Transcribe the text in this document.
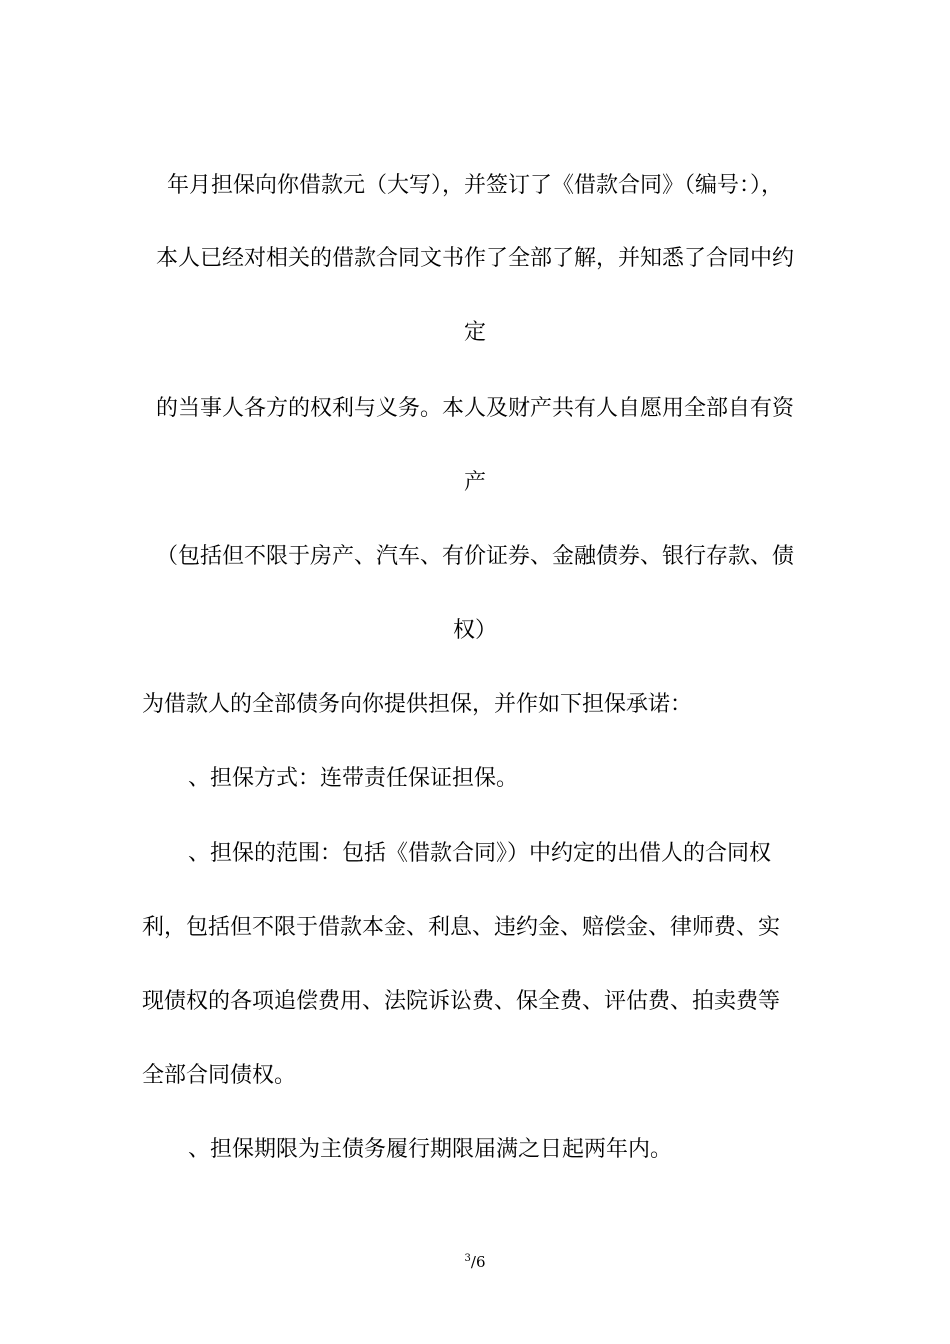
年月担保向你借款元（大写），并签订了《借款合同》（编号：），

本人已经对相关的借款合同文书作了全部了解，并知悉了合同中约

定

的当事人各方的权利与义务。本人及财产共有人自愿用全部自有资

产

（包括但不限于房产、汽车、有价证券、金融债券、银行存款、债

权）

为借款人的全部债务向你提供担保，并作如下担保承诺：

、担保方式：连带责任保证担保。

、担保的范围：包括《借款合同》）中约定的出借人的合同权

利，包括但不限于借款本金、利息、违约金、赔偿金、律师费、实

现债权的各项追偿费用、法院诉讼费、保全费、评估费、拍卖费等

全部合同债权。

、担保期限为主债务履行期限届满之日起两年内。

$^3$/6
